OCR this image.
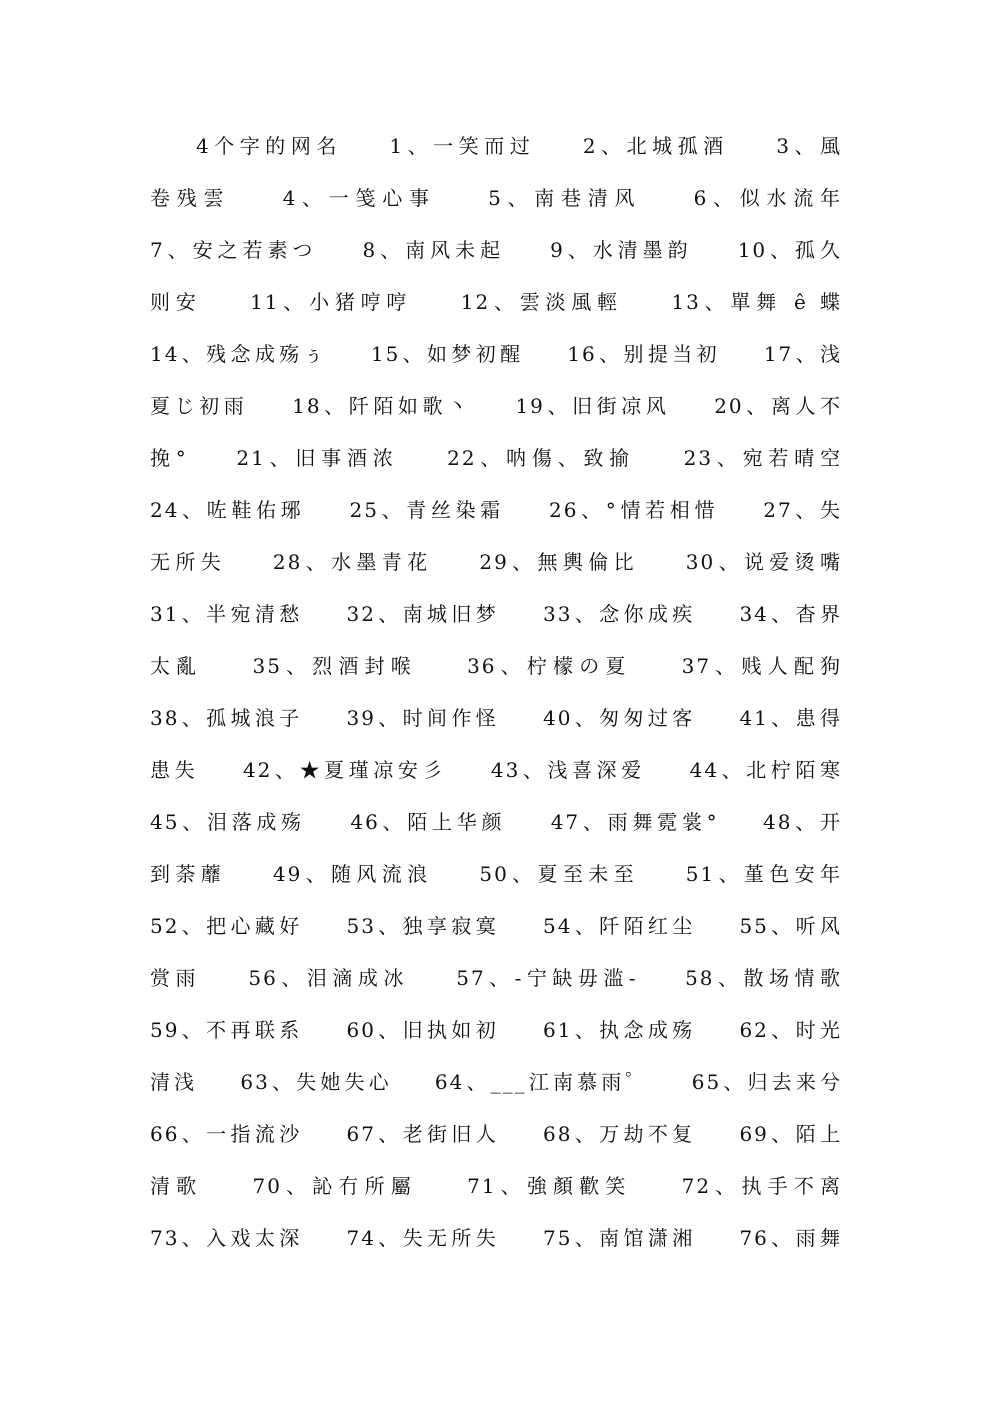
4个字的网名    1、一笑而过    2、北城孤酒    3、風
卷残雲    4、一笺心事    5、南巷清风    6、似水流年
7、安之若素つ    8、南风未起    9、水清墨韵    10、孤久
则安    11、小猪哼哼    12、雲淡風輕    13、單舞 ê 蝶
14、残念成殇ぅ    15、如梦初醒    16、别提当初    17、浅
夏じ初雨    18、阡陌如歌丶    19、旧街凉风    20、离人不
挽°    21、旧事酒浓    22、呐傷、致揄    23、宛若晴空
24、咗鞋佑琊    25、青丝染霜    26、°情若相惜    27、失
无所失    28、水墨青花    29、無輿倫比    30、说爱烫嘴
31、半宛清愁    32、南城旧梦    33、念你成疾    34、杳界
太亂    35、烈酒封喉    36、柠檬の夏    37、贱人配狗
38、孤城浪子    39、时间作怪    40、匆匆过客    41、患得
患失    42、★夏瑾凉安彡    43、浅喜深爱    44、北柠陌寒
45、泪落成殇    46、陌上华颜    47、雨舞霓裳°    48、开
到荼蘼    49、随风流浪    50、夏至未至    51、堇色安年
52、把心藏好    53、独享寂寞    54、阡陌红尘    55、听风
赏雨    56、泪滴成冰    57、-宁缺毋滥-    58、散场情歌
59、不再联系    60、旧执如初    61、执念成殇    62、时光
清浅    63、失她失心    64、___江南慕雨゜    65、归去来兮
66、一指流沙    67、老街旧人    68、万劫不复    69、陌上
清歌    70、訫冇所屬    71、強顏歡笑    72、执手不离
73、入戏太深    74、失无所失    75、南馆潇湘    76、雨舞
